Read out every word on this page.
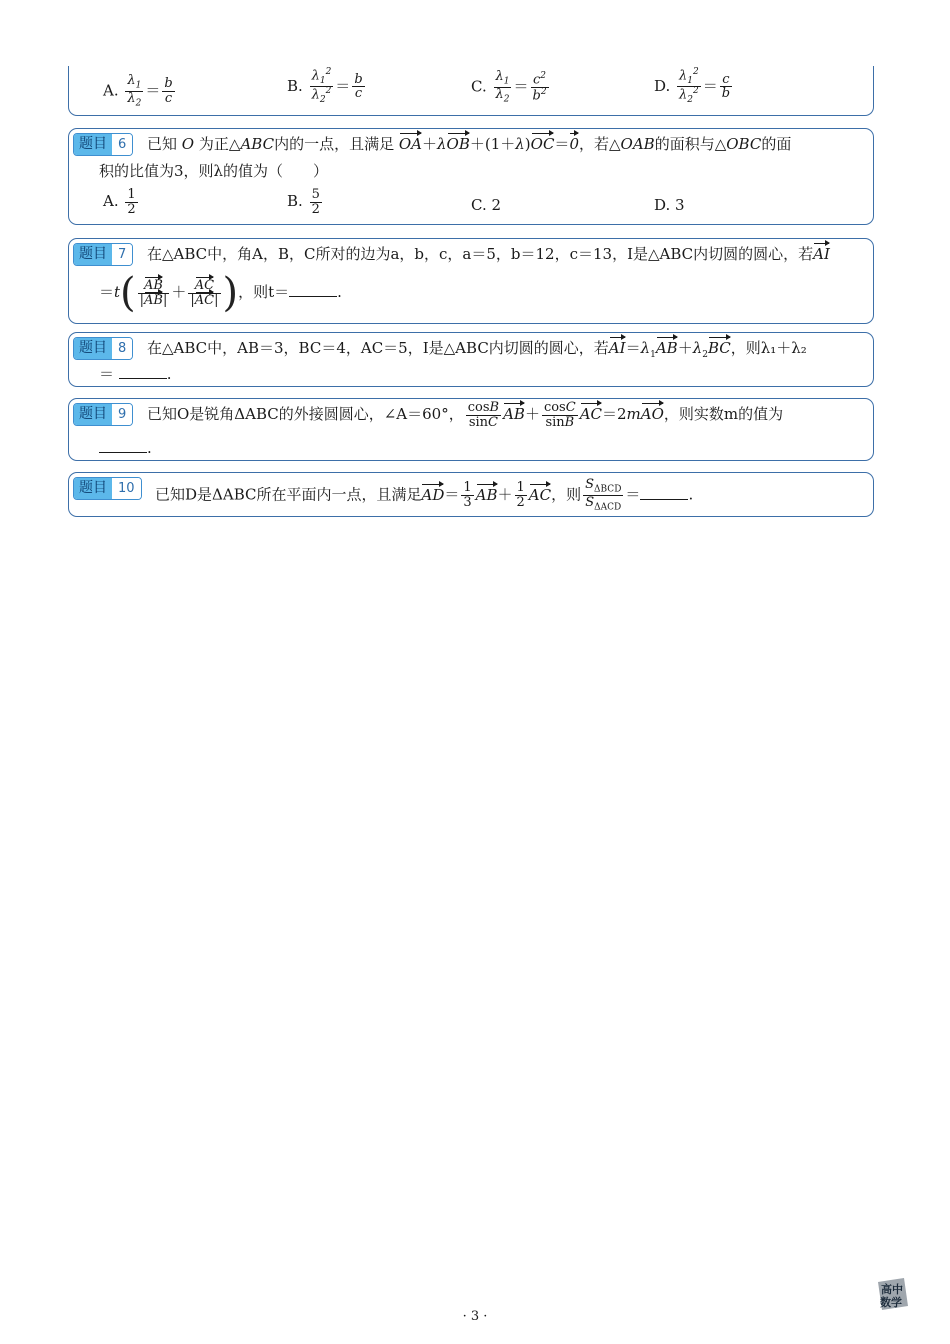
A. $\frac{\lambda_1}{\lambda_2} = \frac{b}{c}$	B. $\frac{\lambda_1^2}{\lambda_2^2} = \frac{b}{c}$	C. $\frac{\lambda_1}{\lambda_2} = \frac{c^2}{b^2}$	D. $\frac{\lambda_1^2}{\lambda_2^2} = \frac{c}{b}$
题目 6	已知 O 为正△ABC内的一点，且满足 OA＋λOB＋(1＋λ)OC＝0，若△OAB的面积与△OBC的面
积的比值为3，则λ的值为（　　）
A. $\frac{1}{2}$	B. $\frac{5}{2}$	C. 2	D. 3
题目 7	在△ABC中，角A，B，C所对的边为a，b，c，a＝5，b＝12，c＝13，I是△ABC内切圆的圆心，若AI
$=t( \frac{AB}{|AB|} + \frac{AC}{|AC|}$ )，则t＝	.
题目 8	在△ABC中，AB＝3，BC＝4，AC＝5，I是△ABC内切圆的圆心，若$AI=\lambda_1AB+\lambda_2BC$，则λ₁＋λ₂
＝	.
题目 9	已知O是锐角ΔABC的外接圆圆心，∠A＝60°， $\frac{\cos B}{\sin C} AB+ \frac{\cos C}{\sin B} AC=2mAO$，则实数m的值为
.
题目 10	已知D是ΔABC所在平面内一点，且满足$AD= \frac{1}{3} AB+ \frac{1}{2}$ AC，则 $\frac{S_{\Delta BCD}}{S_{\Delta ACD}}$ ＝	.
· 3 ·
高中
数学
